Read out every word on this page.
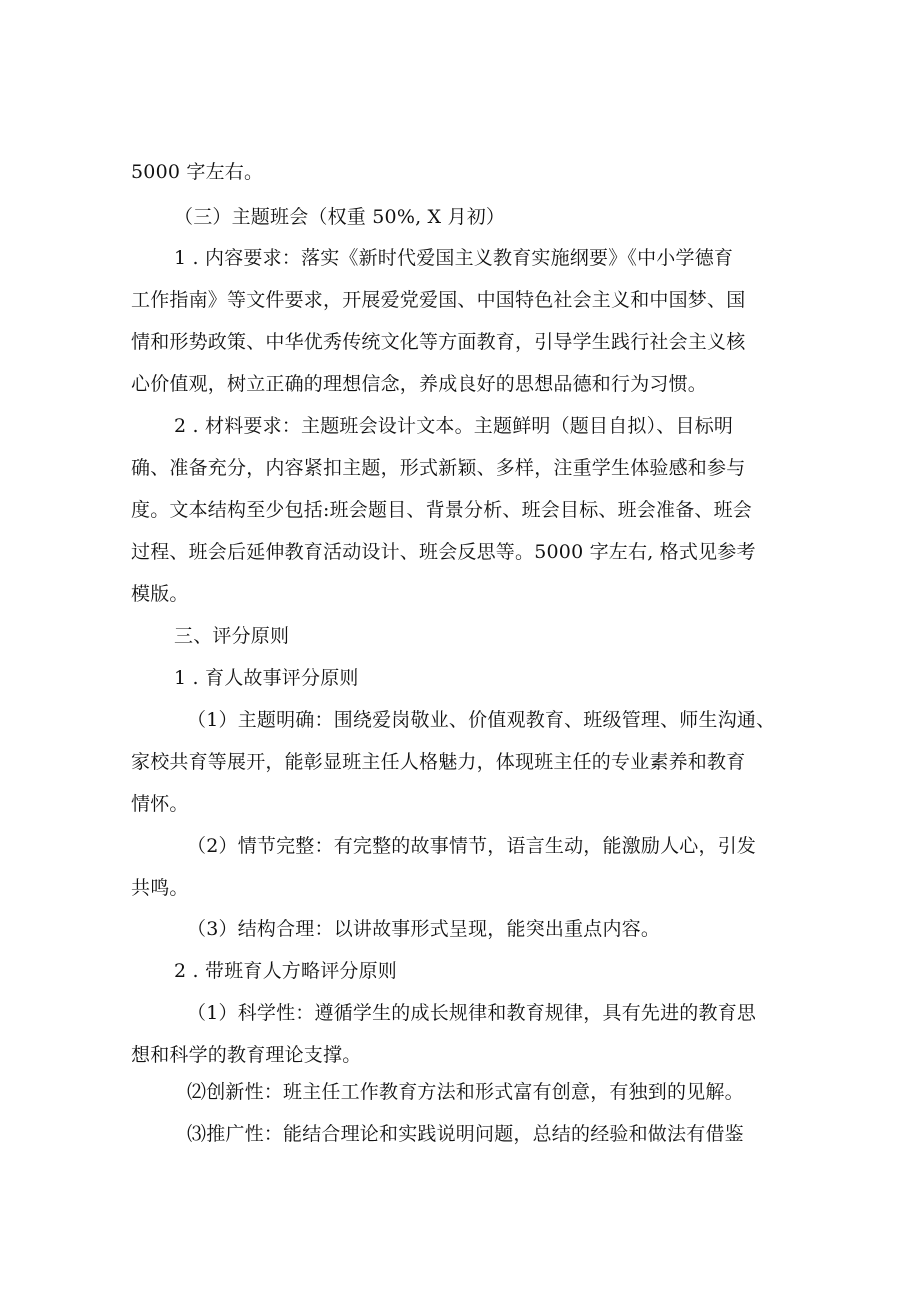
5000 字左右。
（三）主题班会（权重 50%, X 月初）
1 . 内容要求：落实《新时代爱国主义教育实施纲要》《中小学德育
工作指南》等文件要求，开展爱党爱国、中国特色社会主义和中国梦、国
情和形势政策、中华优秀传统文化等方面教育，引导学生践行社会主义核
心价值观，树立正确的理想信念，养成良好的思想品德和行为习惯。
2 . 材料要求：主题班会设计文本。主题鲜明（题目自拟）、目标明
确、准备充分，内容紧扣主题，形式新颖、多样，注重学生体验感和参与
度。文本结构至少包括:班会题目、背景分析、班会目标、班会准备、班会
过程、班会后延伸教育活动设计、班会反思等。5000 字左右, 格式见参考
模版。
三、评分原则
1 . 育人故事评分原则
（1）主题明确：围绕爱岗敬业、价值观教育、班级管理、师生沟通、
家校共育等展开，能彰显班主任人格魅力，体现班主任的专业素养和教育
情怀。
（2）情节完整：有完整的故事情节，语言生动，能激励人心，引发
共鸣。
（3）结构合理：以讲故事形式呈现，能突出重点内容。
2 . 带班育人方略评分原则
（1）科学性：遵循学生的成长规律和教育规律，具有先进的教育思
想和科学的教育理论支撑。
⑵创新性：班主任工作教育方法和形式富有创意，有独到的见解。
⑶推广性：能结合理论和实践说明问题，总结的经验和做法有借鉴
